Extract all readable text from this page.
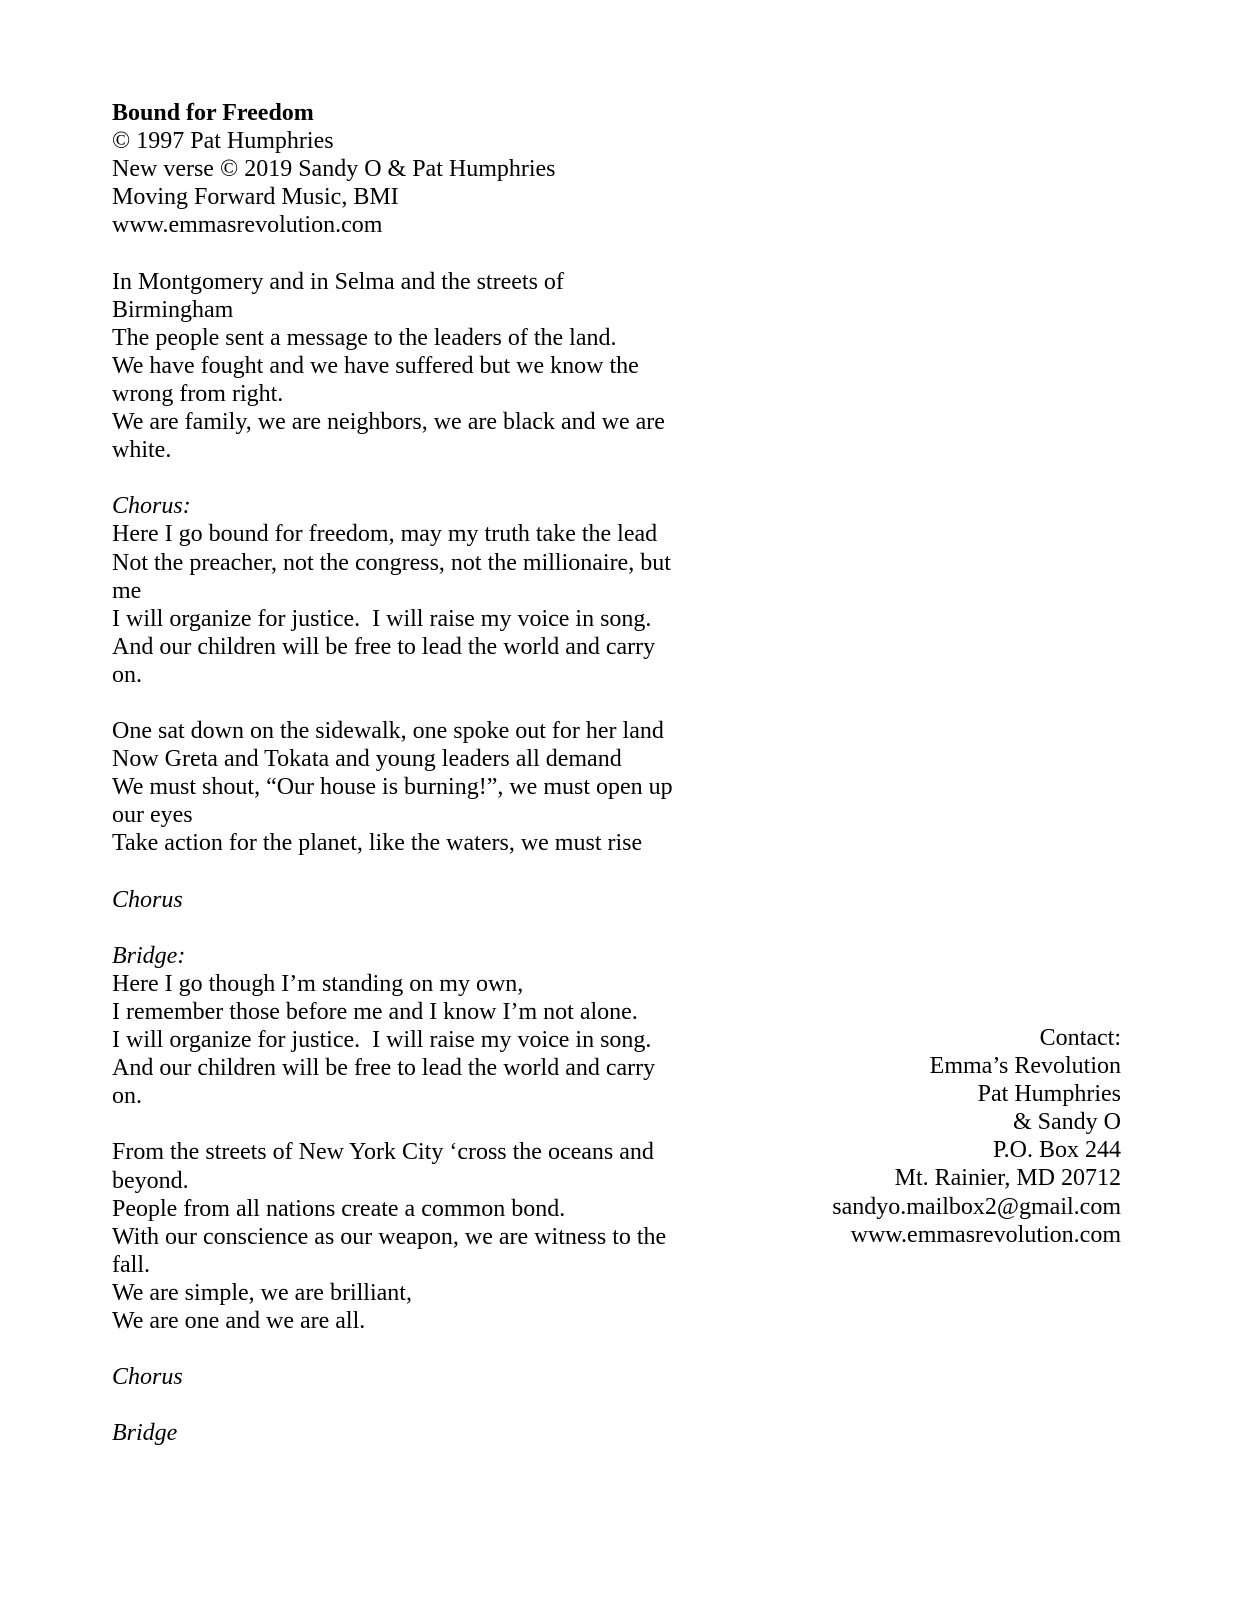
Bound for Freedom
© 1997 Pat Humphries
New verse © 2019 Sandy O & Pat Humphries
Moving Forward Music, BMI
www.emmasrevolution.com
In Montgomery and in Selma and the streets of
Birmingham
The people sent a message to the leaders of the land.
We have fought and we have suffered but we know the
wrong from right.
We are family, we are neighbors, we are black and we are
white.
Chorus:
Here I go bound for freedom, may my truth take the lead
Not the preacher, not the congress, not the millionaire, but
me
I will organize for justice.  I will raise my voice in song.
And our children will be free to lead the world and carry
on.
One sat down on the sidewalk, one spoke out for her land
Now Greta and Tokata and young leaders all demand
We must shout, “Our house is burning!”, we must open up
our eyes
Take action for the planet, like the waters, we must rise
Chorus
Bridge:
Here I go though I’m standing on my own,
I remember those before me and I know I’m not alone.
I will organize for justice.  I will raise my voice in song.
And our children will be free to lead the world and carry
on.
From the streets of New York City ‘cross the oceans and
beyond.
People from all nations create a common bond.
With our conscience as our weapon, we are witness to the
fall.
We are simple, we are brilliant,
We are one and we are all.
Chorus
Bridge
Contact:
Emma’s Revolution
Pat Humphries
& Sandy O
P.O. Box 244
Mt. Rainier, MD 20712
sandyo.mailbox2@gmail.com
www.emmasrevolution.com
